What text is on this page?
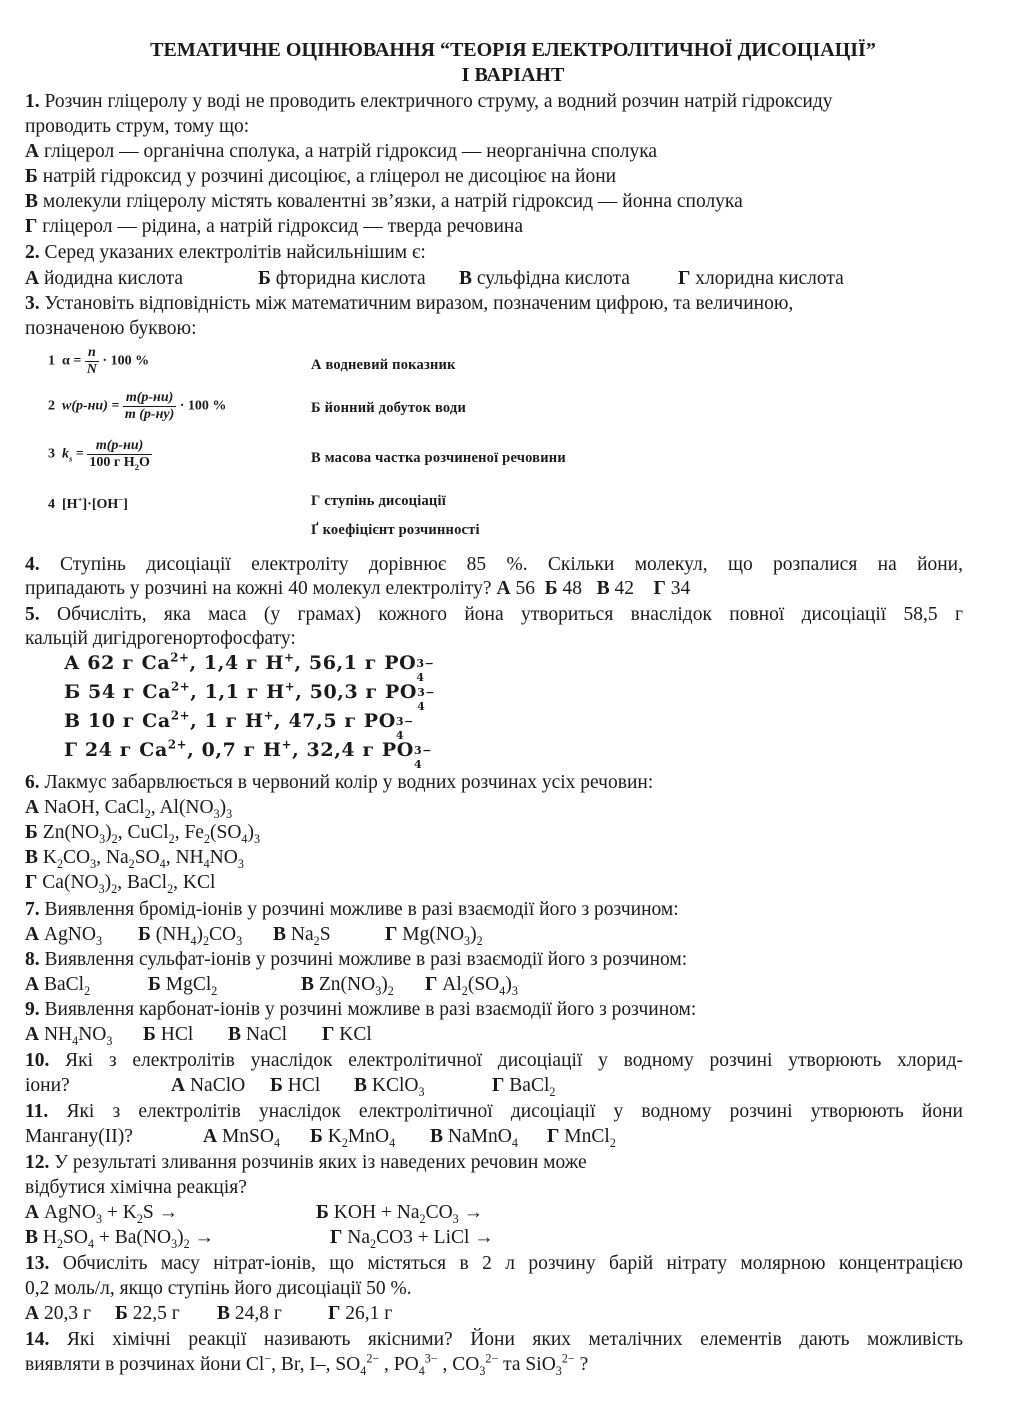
ТЕМАТИЧНЕ ОЦІНЮВАННЯ “ТЕОРІЯ ЕЛЕКТРОЛІТИЧНОЇ ДИСОЦІАЦІЇ”
І ВАРІАНТ
1. Розчин гліцеролу у воді не проводить електричного струму, а водний розчин натрій гідроксиду
проводить струм, тому що:
А гліцерол — органічна сполука, а натрій гідроксид — неорганічна сполука
Б натрій гідроксид у розчині дисоціює, а гліцерол не дисоціює на йони
В молекули гліцеролу містять ковалентні зв’язки, а натрій гідроксид — йонна сполука
Г гліцерол — рідина, а натрій гідроксид — тверда речовина
2. Серед указаних електролітів найсильнішим є:
А йодидна кислота	Б фторидна кислота В сульфідна кислота Г хлоридна кислота
3. Установіть відповідність між математичним виразом, позначеним цифрою, та величиною,
позначеною буквою:
1 $\alpha = \frac{n}{N} \cdot 100$ %
2 $w(р-ни) = \frac{m(р-ни)}{m (р-ну)} \cdot 100$ %
3 $k_s = \frac{m(р-ни)}{100 г H_2O}$
4 [H+]·[OH−]
А водневий показник
Б йонний добуток води
В масова частка розчиненої речовини
Г ступінь дисоціації
Ґ коефіцієнт розчинності
4. Ступінь дисоціації електроліту дорівнює 85 %. Скільки молекул, що розпалися на йони,
припадають у розчині на кожні 40 молекул електроліту? А 56 Б 48 В 42 Г 34
5. Обчисліть, яка маса (у грамах) кожного йона утвориться внаслідок повної дисоціації 58,5 г
кальцій дигідрогенортофосфату:
А 62 г $Ca^{2+}$, 1,4 г H+, 56,1 г PO 3−
4
Б 54 г $Ca^{2+}$, 1,1 г H+, 50,3 г PO 3−
4
В 10 г $Ca^{2+}$, 1 г H+, 47,5 г PO 3−
4
Г 24 г $Ca^{2+}$, 0,7 г H+, 32,4 г PO 3−
4
6. Лакмус забарвлюється в червоний колір у водних розчинах усіх речовин:
А NaOH, CaCl$_2$, $Al(NO_3)_3$
Б $Zn(NO_3)_2$, CuCl$_2$, $Fe_2(SO_4)_3$
В $K_2CO_3$, $Na_2SO_4$, $NH_4NO_3$
Г $Ca(NO_3)_2$, BaCl$_2$, KCl
7. Виявлення бромід-іонів у розчині можливе в разі взаємодії його з розчином:
А AgNO$_3$ Б $(NH_4)_2CO_3$ В $Na_2S$	Г $Mg(NO_3)_2$
8. Виявлення сульфат-іонів у розчині можливе в разі взаємодії його з розчином:
А BaCl$_2$	Б MgCl$_2$	В $Zn(NO_3)_2$ Г $Al_2(SO_4)_3$
9. Виявлення карбонат-іонів у розчині можливе в разі взаємодії його з розчином:
А $NH_4NO_3$ Б HCl В NaCl Г KCl
10. Які з електролітів унаслідок електролітичної дисоціації у водному розчині утворюють хлорид-
іони?	А NaClO Б HCl В KClO$_3$	Г BaCl$_2$
11. Які з електролітів унаслідок електролітичної дисоціації у водному розчині утворюють йони
Мангану(II)?	А MnSO$_4$ Б $K_2MnO_4$ В NaMnO$_4$ Г MnCl$_2$
12. У результаті зливання розчинів яких із наведених речовин може
відбутися хімічна реакція?
А AgNO$_3$ + $K_2S$ →	Б KOH + $Na_2CO_3$ →
В $H_2SO_4 + Ba(NO_3)_2$ →	Г $Na_2CO3$ + LiCl →
13. Обчисліть масу нітрат-іонів, що містяться в 2 л розчину барій нітрату молярною концентрацією
0,2 моль/л, якщо ступінь його дисоціації 50 %.
А 20,3 г Б 22,5 г В 24,8 г Г 26,1 г
14. Які хімічні реакції називають якісними? Йони яких металічних елементів дають можливість
виявляти в розчинах йони Cl−, Br, I–, $SO_4^{2-}$ , $PO_4^{3-}$ , $CO_3^{2-}$ та SiO$_3^{2-}$ ?
